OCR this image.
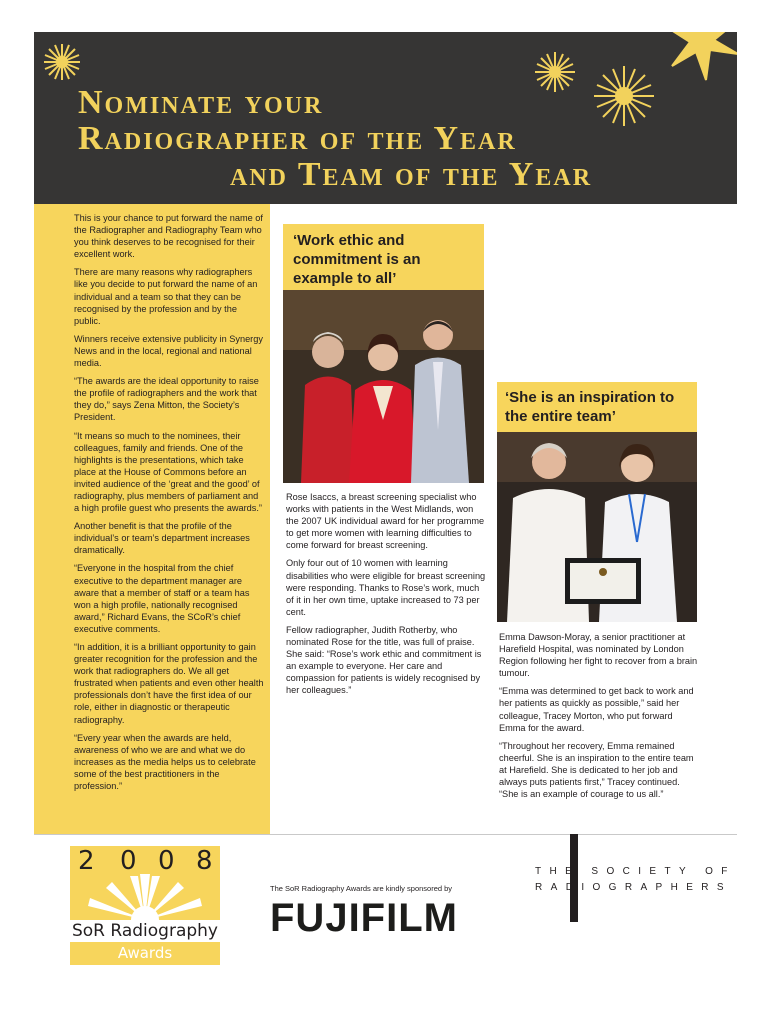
Nominate your
Radiographer of the Year
and Team of the Year

This is your chance to put forward the name of the Radiographer and Radiography Team who you think deserves to be recognised for their excellent work.

There are many reasons why radiographers like you decide to put forward the name of an individual and a team so that they can be recognised by the profession and by the public.

Winners receive extensive publicity in Synergy News and in the local, regional and national media.

“The awards are the ideal opportunity to raise the profile of radiographers and the work that they do,” says Zena Mitton, the Society’s President.

“It means so much to the nominees, their colleagues, family and friends. One of the highlights is the presentations, which take place at the House of Commons before an invited audience of the ‘great and the good’ of radiography, plus members of parliament and a high profile guest who presents the awards.”

Another benefit is that the profile of the individual’s or team’s department increases dramatically.

“Everyone in the hospital from the chief executive to the department manager are aware that a member of staff or a team has won a high profile, nationally recognised award,” Richard Evans, the SCoR’s chief executive comments.

“In addition, it is a brilliant opportunity to gain greater recognition for the profession and the work that radiographers do. We all get frustrated when patients and even other health professionals don’t have the first idea of our role, either in diagnostic or therapeutic radiography.

“Every year when the awards are held, awareness of who we are and what we do increases as the media helps us to celebrate some of the best practitioners in the profession.”

‘Work ethic and commitment is an example to all’

Rose Isaccs, a breast screening specialist who works with patients in the West Midlands, won the 2007 UK individual award for her programme to get more women with learning difficulties to come forward for breast screening.

Only four out of 10 women with learning disabilities who were eligible for breast screening were responding. Thanks to Rose’s work, much of it in her own time, uptake increased to 73 per cent.

Fellow radiographer, Judith Rotherby, who nominated Rose for the title, was full of praise. She said: “Rose’s work ethic and commitment is an example to everyone. Her care and compassion for patients is widely recognised by her colleagues.”

‘She is an inspiration to the entire team’

Emma Dawson-Moray, a senior practitioner at Harefield Hospital, was nominated by London Region following her fight to recover from a brain tumour.

“Emma was determined to get back to work and her patients as quickly as possible,” said her colleague, Tracey Morton, who put forward Emma for the award.

“Throughout her recovery, Emma remained cheerful. She is an inspiration to the entire team at Harefield. She is dedicated to her job and always puts patients first,” Tracey continued. “She is an example of courage to us all.”

2 0 0 8
SoR Radiography
Awards
The SoR Radiography Awards are kindly sponsored by
FUJIFILM
THE SOCIETY OF
RADIOGRAPHERS
